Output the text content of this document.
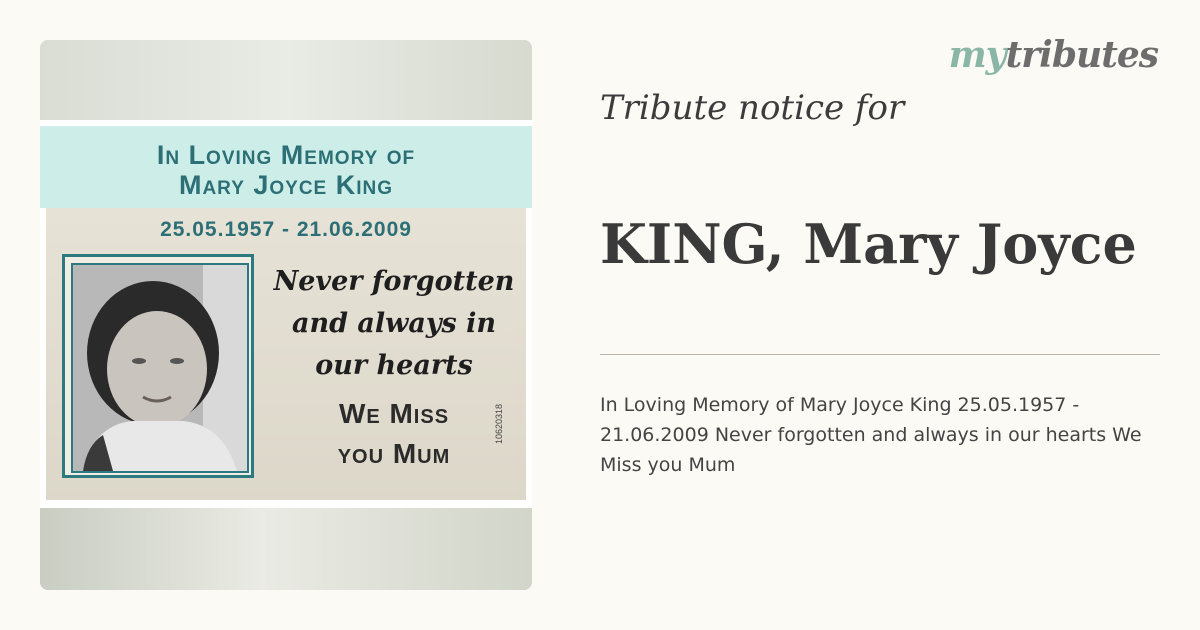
In Loving Memory of
Mary Joyce King
25.05.1957 - 21.06.2009
Never forgotten
and always in
our hearts
We Miss
you Mum
10620318
mytributes
Tribute notice for
KING, Mary Joyce
In Loving Memory of Mary Joyce King 25.05.1957 - 21.06.2009 Never forgotten and always in our hearts We Miss you Mum
